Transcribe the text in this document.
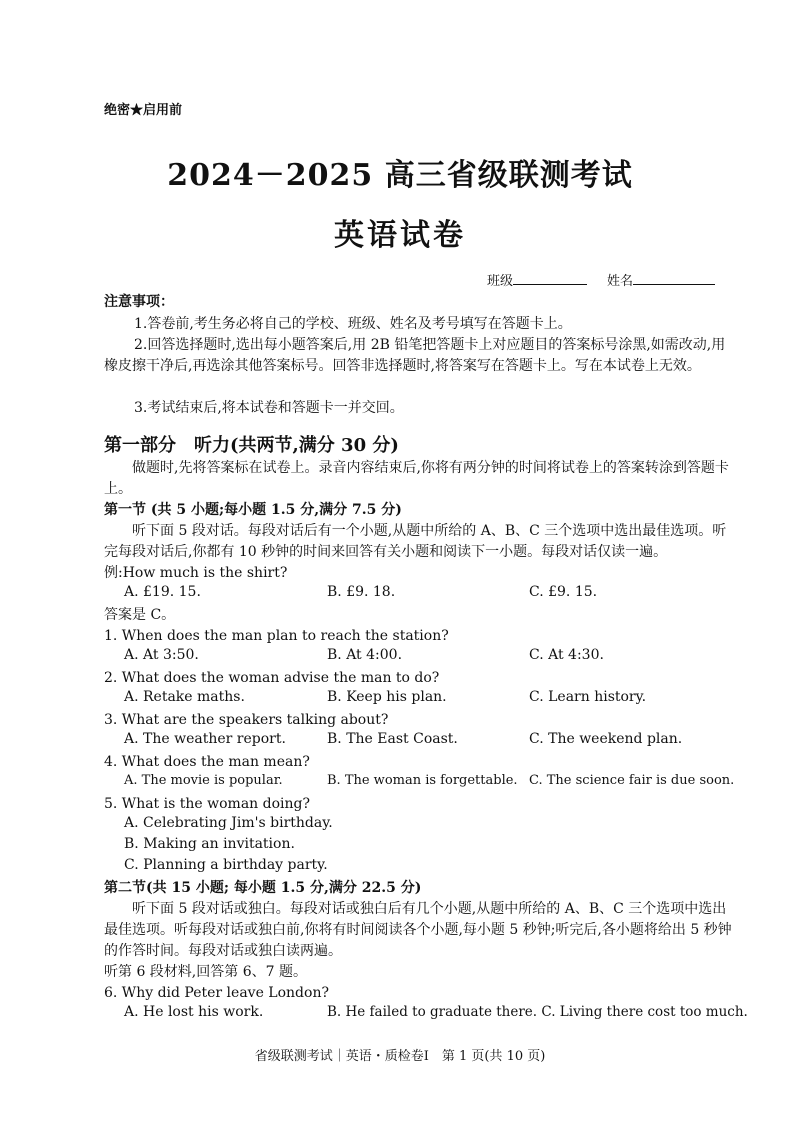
绝密★启用前
2024－2025 高三省级联测考试
英语试卷
班级	姓名
注意事项：
1.答卷前,考生务必将自己的学校、班级、姓名及考号填写在答题卡上。
2.回答选择题时,选出每小题答案后,用 2B 铅笔把答题卡上对应题目的答案标号涂黑,如需改动,用橡皮擦干净后,再选涂其他答案标号。回答非选择题时,将答案写在答题卡上。写在本试卷上无效。
3.考试结束后,将本试卷和答题卡一并交回。
第一部分　听力(共两节,满分 30 分)
做题时,先将答案标在试卷上。录音内容结束后,你将有两分钟的时间将试卷上的答案转涂到答题卡上。
第一节 (共 5 小题;每小题 1.5 分,满分 7.5 分)
听下面 5 段对话。每段对话后有一个小题,从题中所给的 A、B、C 三个选项中选出最佳选项。听完每段对话后,你都有 10 秒钟的时间来回答有关小题和阅读下一小题。每段对话仅读一遍。
例:How much is the shirt?
A. £19. 15.	B. £9. 18.	C. £9. 15.
答案是 C。
1. When does the man plan to reach the station?
A. At 3:50.	B. At 4:00.	C. At 4:30.
2. What does the woman advise the man to do?
A. Retake maths.	B. Keep his plan.	C. Learn history.
3. What are the speakers talking about?
A. The weather report.	B. The East Coast.	C. The weekend plan.
4. What does the man mean?
A. The movie is popular.	B. The woman is forgettable. C. The science fair is due soon.
5. What is the woman doing?
A. Celebrating Jim's birthday.
B. Making an invitation.
C. Planning a birthday party.
第二节(共 15 小题; 每小题 1.5 分,满分 22.5 分)
听下面 5 段对话或独白。每段对话或独白后有几个小题,从题中所给的 A、B、C 三个选项中选出最佳选项。听每段对话或独白前,你将有时间阅读各个小题,每小题 5 秒钟;听完后,各小题将给出 5 秒钟的作答时间。每段对话或独白读两遍。
听第 6 段材料,回答第 6、7 题。
6. Why did Peter leave London?
A. He lost his work.	B. He failed to graduate there. C. Living there cost too much.
省级联测考试｜英语・质检卷Ⅰ　第 1 页(共 10 页)
